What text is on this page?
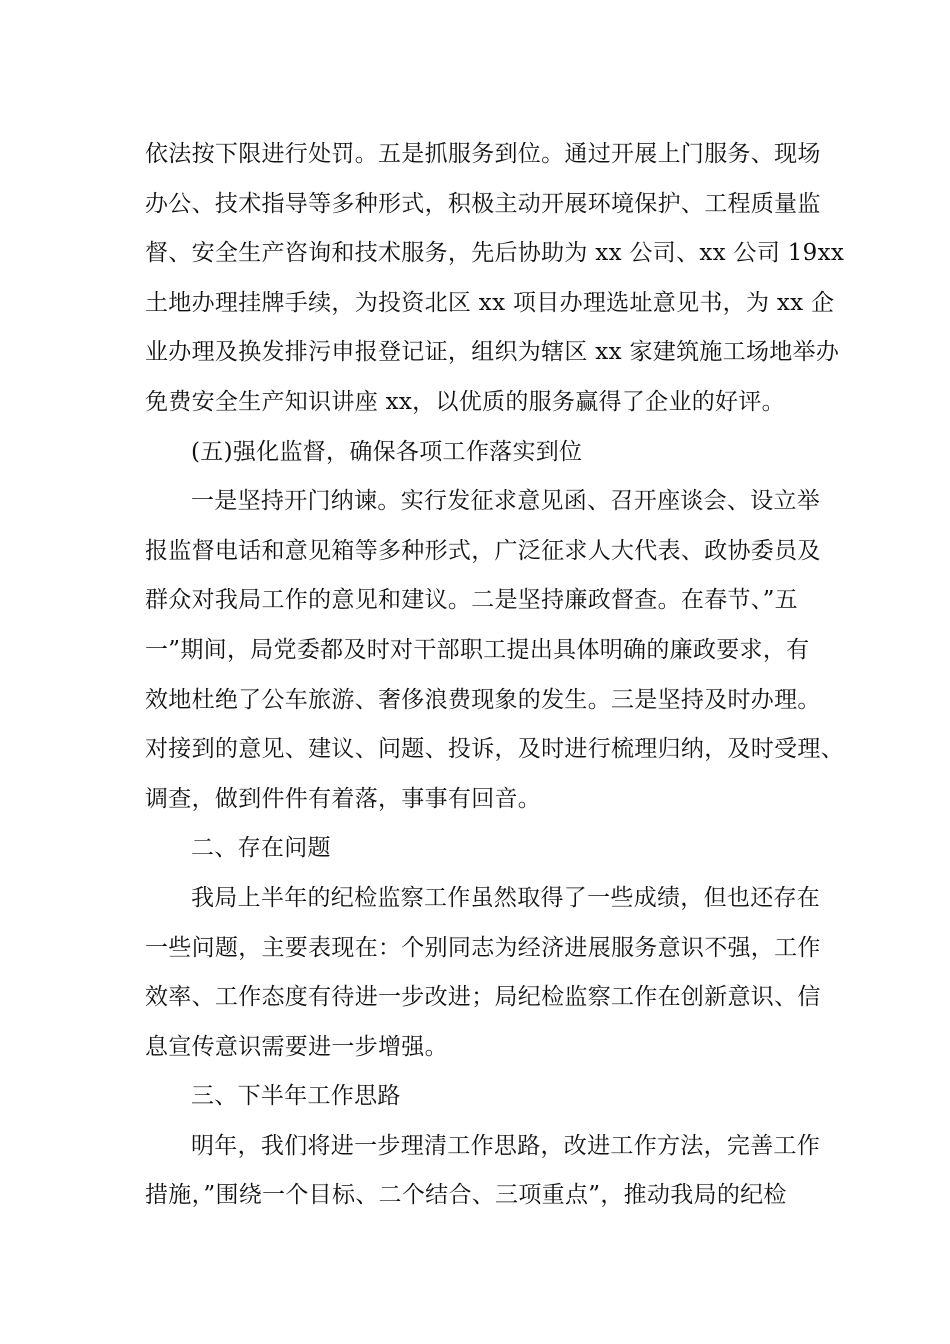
依法按下限进行处罚。五是抓服务到位。通过开展上门服务、现场
办公、技术指导等多种形式，积极主动开展环境保护、工程质量监
督、安全生产咨询和技术服务，先后协助为 xx 公司、xx 公司 19xx
土地办理挂牌手续，为投资北区 xx 项目办理选址意见书，为 xx 企
业办理及换发排污申报登记证，组织为辖区 xx 家建筑施工场地举办
免费安全生产知识讲座 xx，以优质的服务赢得了企业的好评。
(五)强化监督，确保各项工作落实到位
一是坚持开门纳谏。实行发征求意见函、召开座谈会、设立举
报监督电话和意见箱等多种形式，广泛征求人大代表、政协委员及
群众对我局工作的意见和建议。二是坚持廉政督查。在春节、”五
一”期间，局党委都及时对干部职工提出具体明确的廉政要求，有
效地杜绝了公车旅游、奢侈浪费现象的发生。三是坚持及时办理。
对接到的意见、建议、问题、投诉，及时进行梳理归纳，及时受理、
调查，做到件件有着落，事事有回音。
二、存在问题
我局上半年的纪检监察工作虽然取得了一些成绩，但也还存在
一些问题，主要表现在：个别同志为经济进展服务意识不强，工作
效率、工作态度有待进一步改进；局纪检监察工作在创新意识、信
息宣传意识需要进一步增强。
三、下半年工作思路
明年，我们将进一步理清工作思路，改进工作方法，完善工作
措施，”围绕一个目标、二个结合、三项重点”，推动我局的纪检
